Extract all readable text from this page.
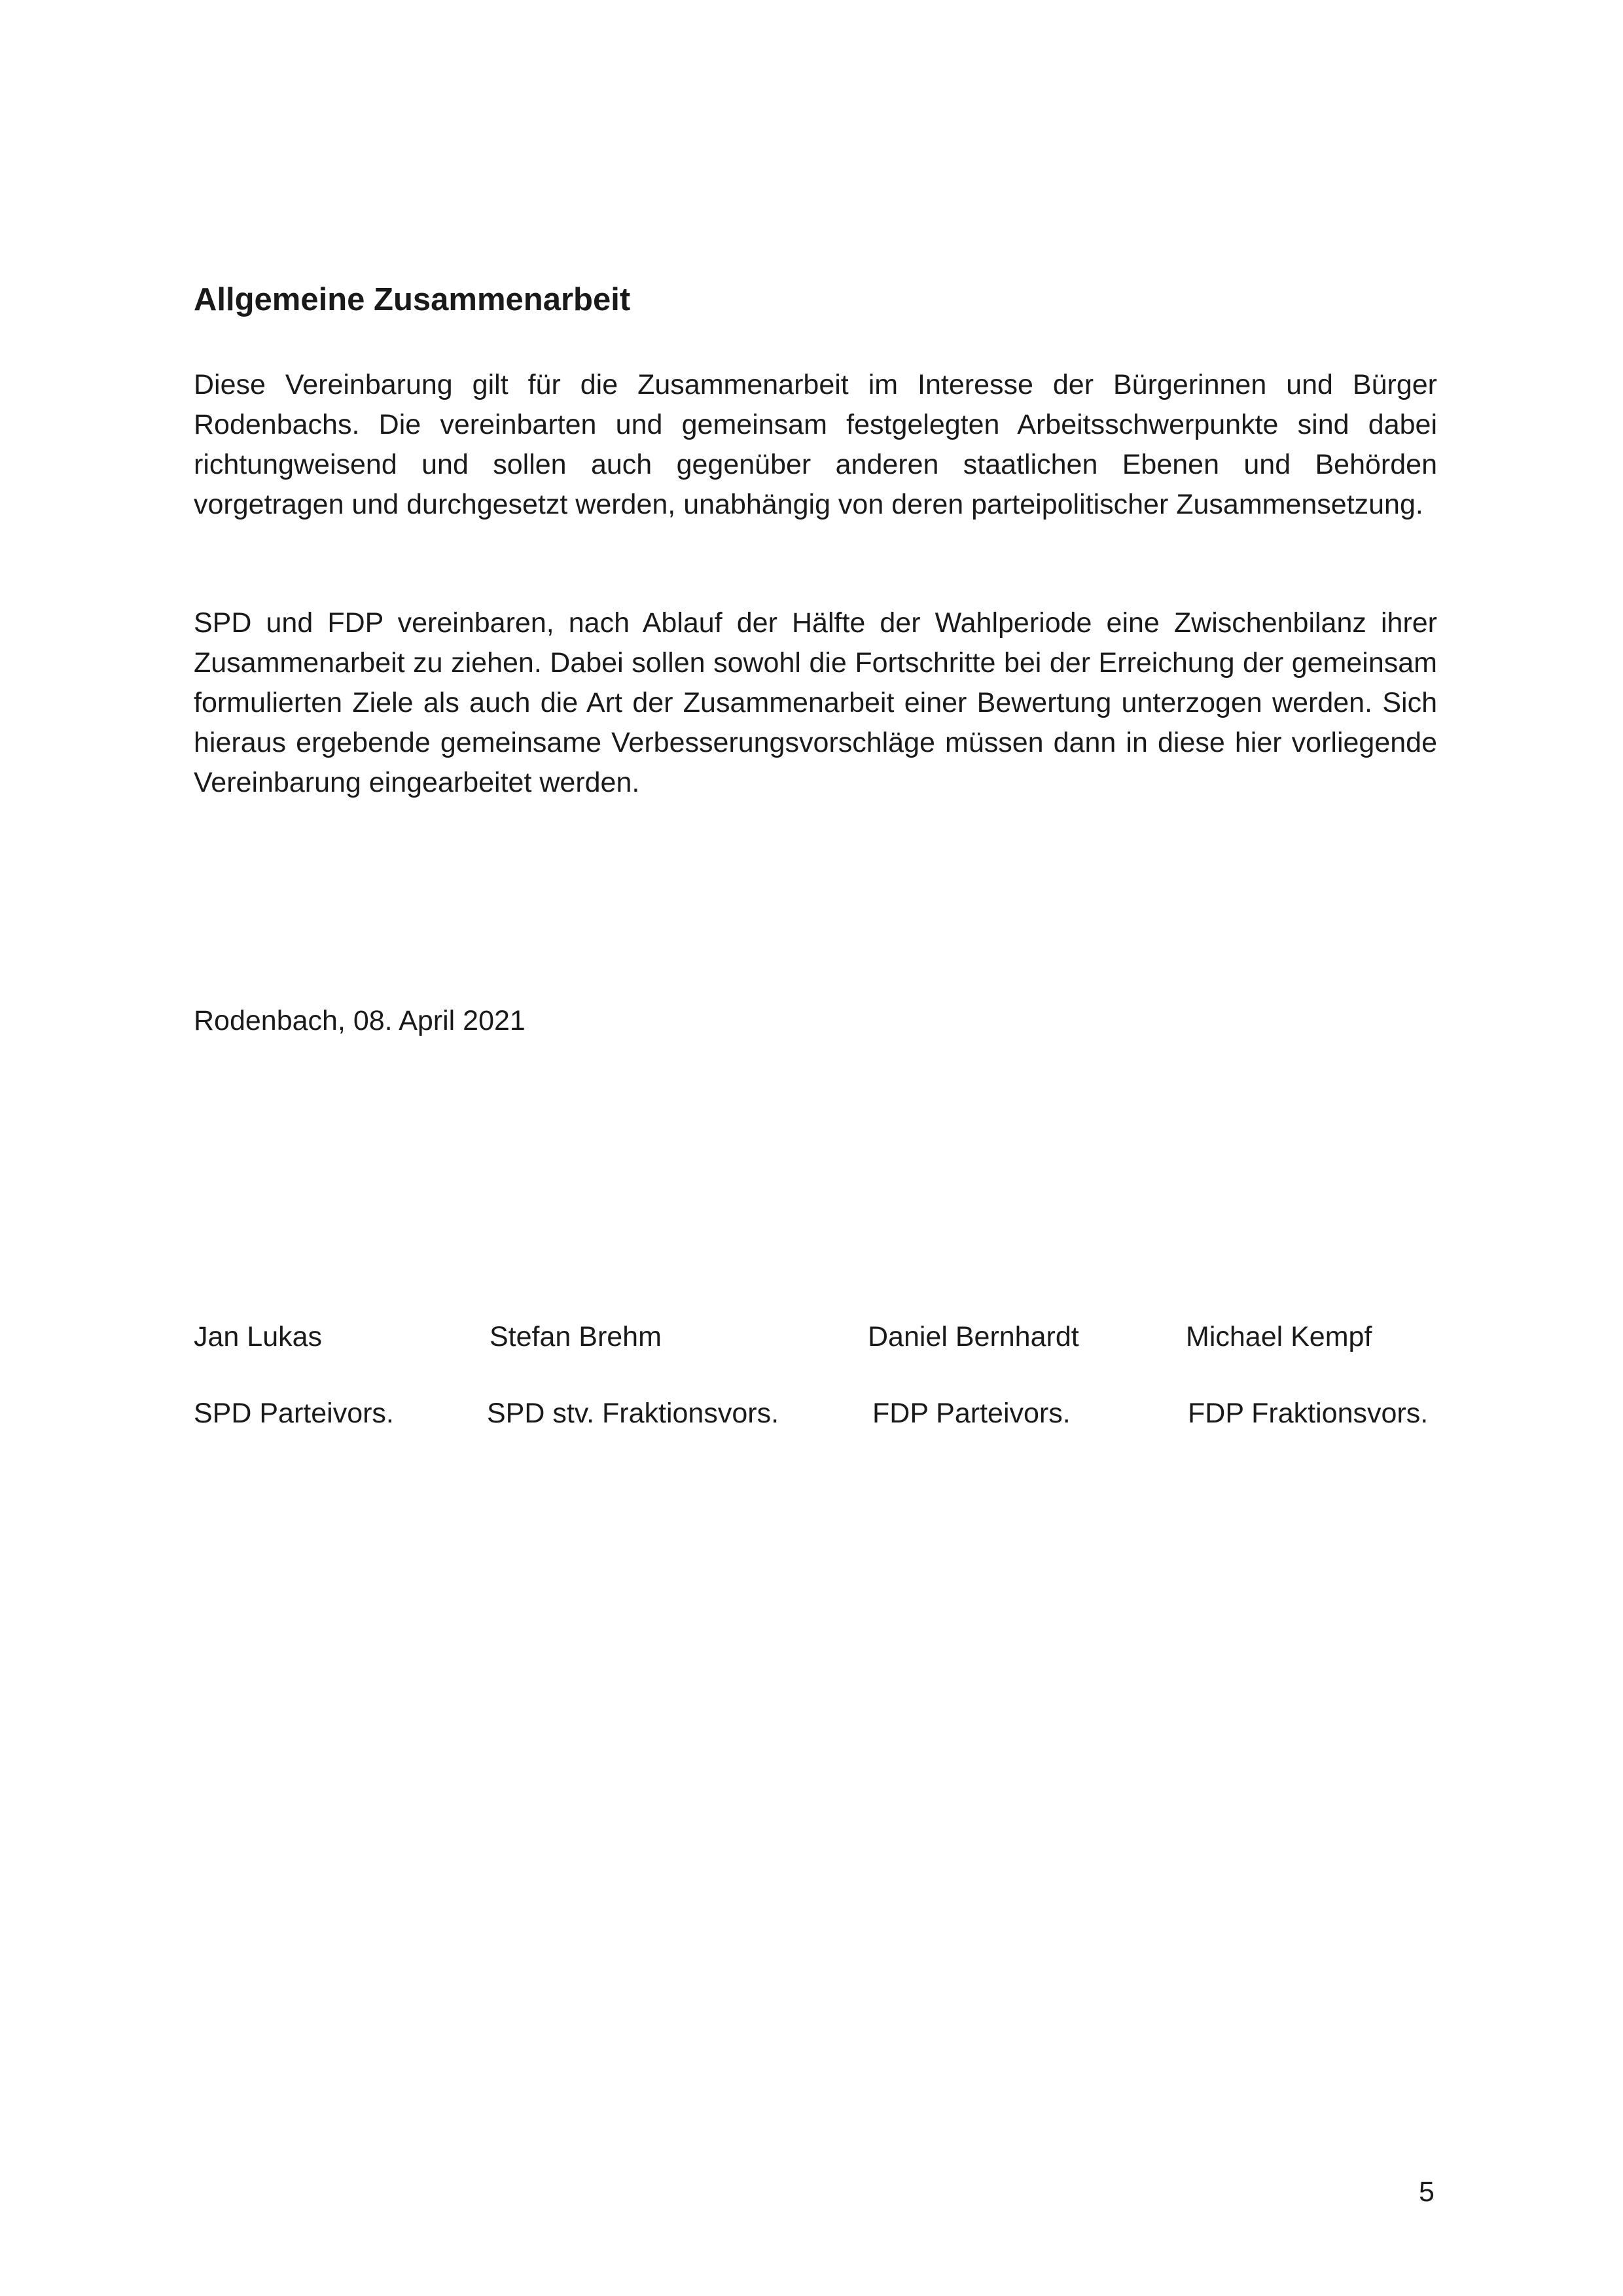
Allgemeine Zusammenarbeit

Diese Vereinbarung gilt für die Zusammenarbeit im Interesse der Bürgerinnen und Bürger Rodenbachs. Die vereinbarten und gemeinsam festgelegten Arbeitsschwerpunkte sind dabei richtungweisend und sollen auch gegenüber anderen staatlichen Ebenen und Behörden vorgetragen und durchgesetzt werden, unabhängig von deren parteipolitischer Zusammensetzung.

SPD und FDP vereinbaren, nach Ablauf der Hälfte der Wahlperiode eine Zwischenbilanz ihrer Zusammenarbeit zu ziehen. Dabei sollen sowohl die Fortschritte bei der Erreichung der gemeinsam formulierten Ziele als auch die Art der Zusammenarbeit einer Bewertung unterzogen werden. Sich hieraus ergebende gemeinsame Verbesserungsvorschläge müssen dann in diese hier vorliegende Vereinbarung eingearbeitet werden.

Rodenbach, 08. April 2021

Jan Lukas	Stefan Brehm	Daniel Bernhardt	Michael Kempf

SPD Parteivors.	SPD stv. Fraktionsvors.	FDP Parteivors.	FDP Fraktionsvors.

5
